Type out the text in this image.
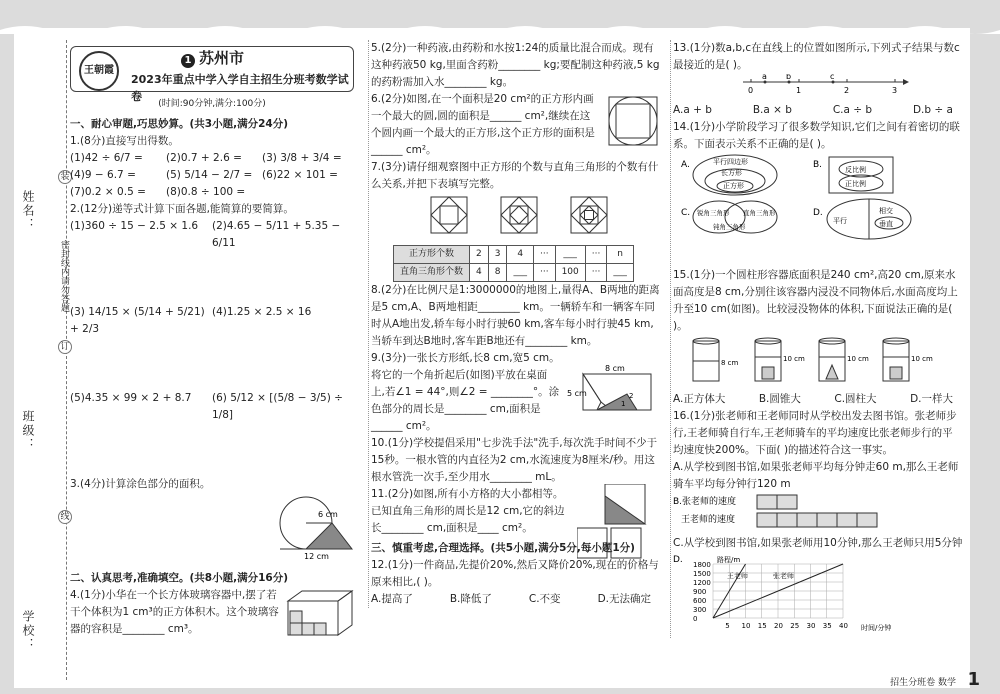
姓名：
班级：
学校：
装
订
线
密封线内请勿答题
王朝霞
1 苏州市
2023年重点中学入学自主招生分班考数学试卷
(时间:90分钟,满分:100分)
一、耐心审题,巧思妙算。(共3小题,满分24分)
1.(8分)直接写出得数。
(1)42 ÷ 6/7 =	(2)0.7 + 2.6 =	(3) 3/8 + 3/4 =
(4)9 − 6.7 =	(5) 5/14 − 2/7 = (6)22 × 101 =
(7)0.2 × 0.5 =	(8)0.8 ÷ 100 =
2.(12分)递等式计算下面各题,能简算的要简算。
(1)360 ÷ 15 − 2.5 × 1.6	(2)4.65 − 5/11 + 5.35 − 6/11
(3) 14/15 × (5/14 + 5/21) + 2/3
(4)1.25 × 2.5 × 16
(5)4.35 × 99 × 2 + 8.7	(6) 5/12 × [(5/8 − 3/5) ÷ 1/8]
3.(4分)计算涂色部分的面积。
6 cm
12 cm
二、认真思考,准确填空。(共8小题,满分16分)
4.(1分)小华在一个长方体玻璃容器中,摆了若干个体积为1 cm³的正方体积木。这个玻璃容器的容积是________ cm³。

5.(2分)一种药液,由药粉和水按1:24的质量比混合而成。现有这种药液50 kg,里面含药粉________ kg;要配制这种药液,5 kg的药粉需加入水________ kg。

6.(2分)如图,在一个面积是20 cm²的正方形内画一个最大的圆,圆的面积是______ cm²,继续在这个圆内画一个最大的正方形,这个正方形的面积是______ cm²。

7.(3分)请仔细观察图中正方形的个数与直角三角形的个数有什么关系,并把下表填写完整。

正方形个数	2	3	4	···	___	···	n
直角三角形个数	4	8	___	···	100	···	___

8.(2分)在比例尺是1:3000000的地图上,量得A、B两地的距离是5 cm,A、B两地相距________ km。一辆轿车和一辆客车同时从A地出发,轿车每小时行驶60 km,客车每小时行驶45 km,当轿车到达B地时,客车距B地还有________ km。

9.(3分)一张长方形纸,长8 cm,宽5 cm。将它的一个角折起后(如图)平放在桌面上,若∠1 = 44°,则∠2 = ________°。涂色部分的周长是________ cm,面积是______ cm²。

8 cm
5 cm
1
2

10.(1分)学校提倡采用"七步洗手法"洗手,每次洗手时间不少于15秒。一根水管的内直径为2 cm,水流速度为8厘米/秒。用这根水管洗一次手,至少用水________ mL。

11.(2分)如图,所有小方格的大小都相等。已知直角三角形的周长是12 cm,它的斜边长________ cm,面积是____ cm²。

三、慎重考虑,合理选择。(共5小题,满分5分,每小题1分)

12.(1分)一件商品,先提价20%,然后又降价20%,现在的价格与原来相比,( )。

A.提高了	B.降低了	C.不变	D.无法确定

13.(1分)数a,b,c在直线上的位置如图所示,下列式子结果与数c最接近的是( )。

0
a b
1
c
2	3
A.a + b	B.a × b	C.a ÷ b	D.b ÷ a

14.(1分)小学阶段学习了很多数学知识,它们之间有着密切的联系。下面表示关系不正确的是( )。

A.	平行四边形
长方形
正方形
B.	反比例
正比例
C. 锐角三角形 直角三角形
钝角三角形
D.
平行
相交
垂直

15.(1分)一个圆柱形容器底面积是240 cm²,高20 cm,原来水面高度是8 cm,分别往该容器内浸没不同物体后,水面高度均上升至10 cm(如图)。比较浸没物体的体积,下面说法正确的是( )。

8 cm	10 cm	10 cm	10 cm
A.正方体大	B.圆锥大	C.圆柱大	D.一样大

16.(1分)张老师和王老师同时从学校出发去图书馆。张老师步行,王老师骑自行车,王老师骑车的平均速度比张老师步行的平均速度快200%。下面( )的描述符合这一事实。

A.从学校到图书馆,如果张老师平均每分钟走60 m,那么王老师骑车平均每分钟行120 m

B.张老师的速度
王老师的速度

C.从学校到图书馆,如果张老师用10分钟,那么王老师只用5分钟

D.	路程/m
时间/分钟
王老师	张老师
1800
1500
1200
900
600
300
0
5 10 15 20 25 30 35 40
招生分班卷 数学 1
